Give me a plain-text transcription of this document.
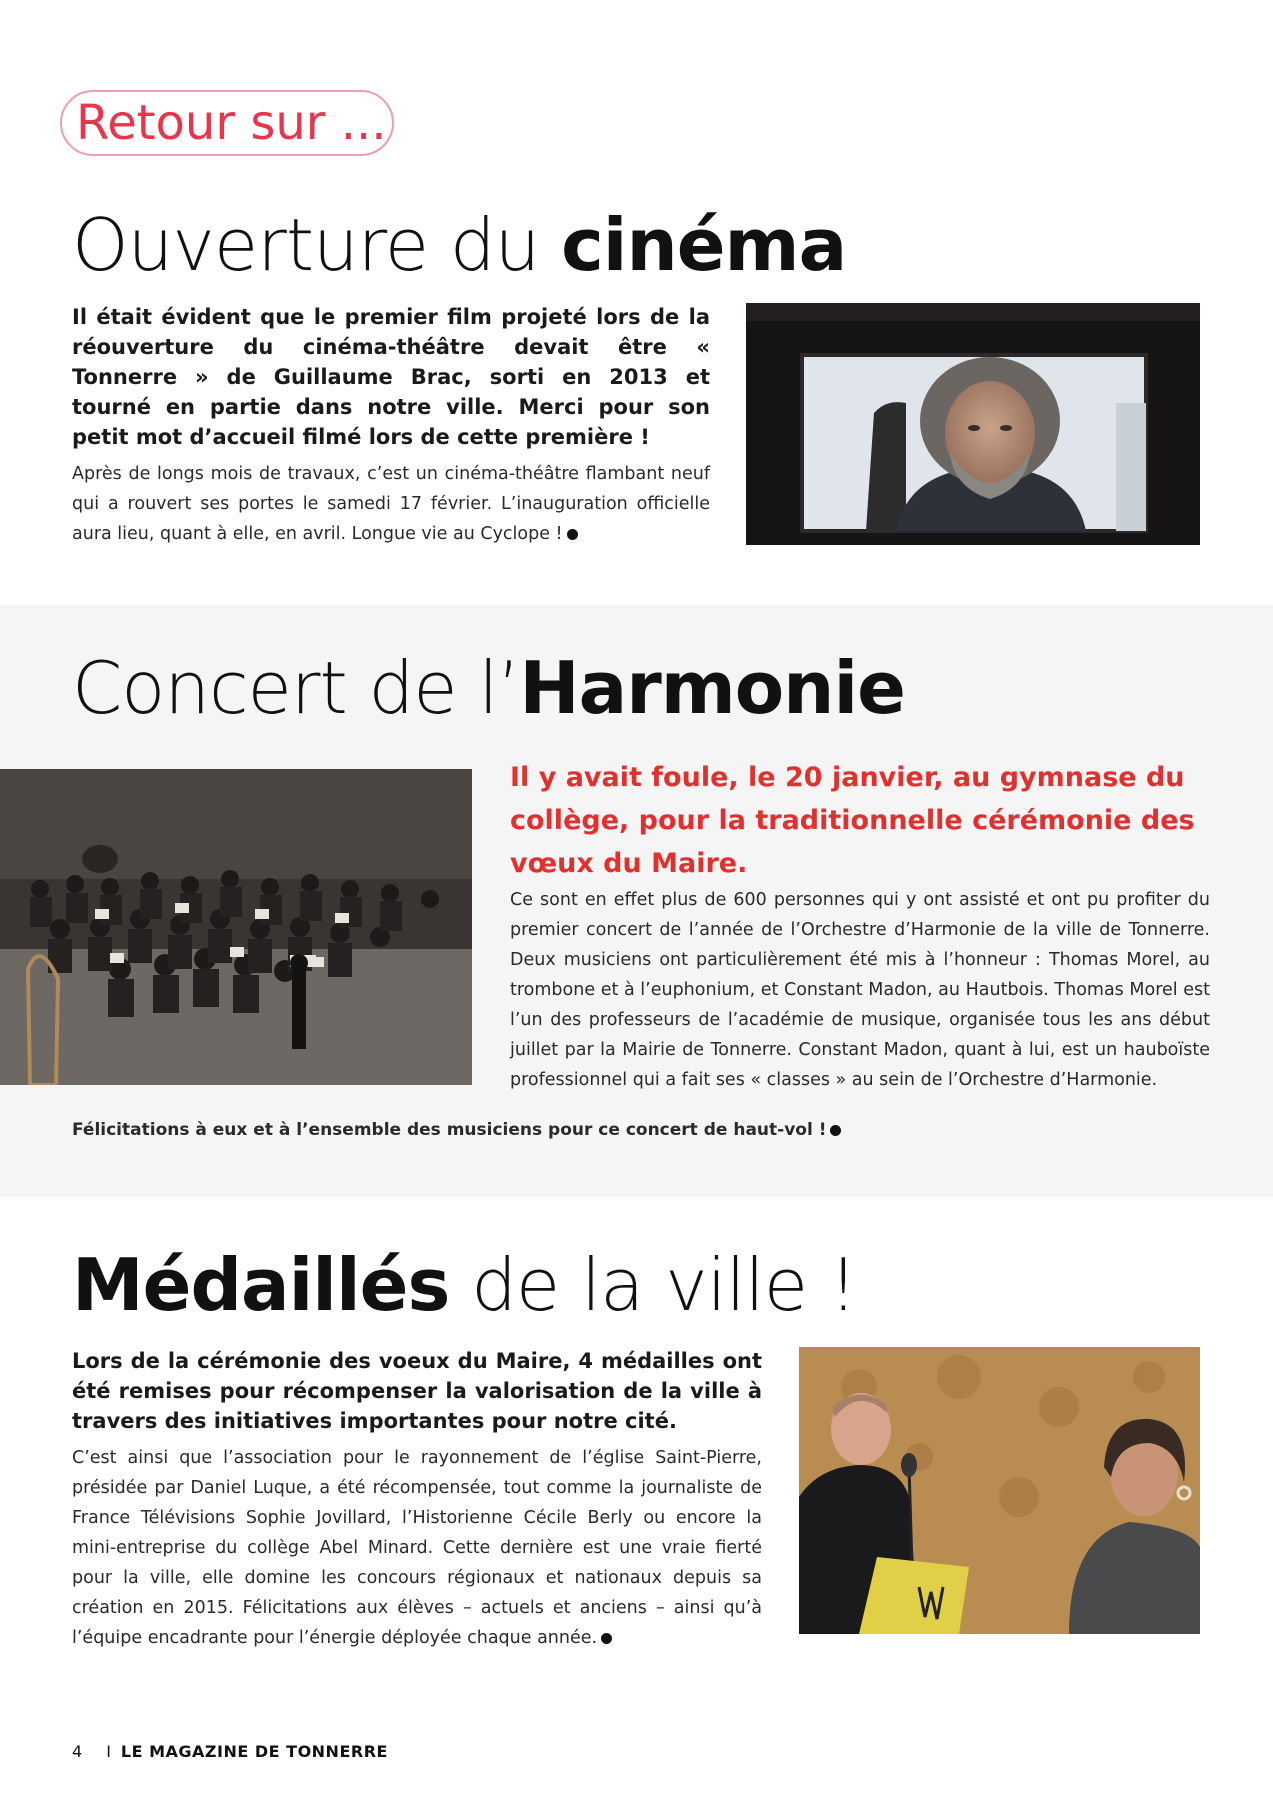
Retour sur ...
Ouverture du cinéma
Il était évident que le premier film projeté lors de la réouverture du cinéma-théâtre devait être « Tonnerre » de Guillaume Brac, sorti en 2013 et tourné en partie dans notre ville. Merci pour son petit mot d’accueil filmé lors de cette première !
Après de longs mois de travaux, c’est un cinéma-théâtre flambant neuf qui a rouvert ses portes le samedi 17 février. L’inauguration officielle aura lieu, quant à elle, en avril. Longue vie au Cyclope !
Concert de l’Harmonie
Il y avait foule, le 20 janvier, au gymnase du collège, pour la traditionnelle cérémonie des vœux du Maire.
Ce sont en effet plus de 600 personnes qui y ont assisté et ont pu profiter du premier concert de l’année de l’Orchestre d’Harmonie de la ville de Tonnerre. Deux musiciens ont particulièrement été mis à l’honneur : Thomas Morel, au trombone et à l’euphonium, et Constant Madon, au Hautbois. Thomas Morel est l’un des professeurs de l’académie de musique, organisée tous les ans début juillet par la Mairie de Tonnerre. Constant Madon, quant à lui, est un hauboïste professionnel qui a fait ses « classes » au sein de l’Orchestre d’Harmonie.
Félicitations à eux et à l’ensemble des musiciens pour ce concert de haut-vol !
Médaillés de la ville !
Lors de la cérémonie des voeux du Maire, 4 médailles ont été remises pour récompenser la valorisation de la ville à travers des initiatives importantes pour notre cité.
C’est ainsi que l’association pour le rayonnement de l’église Saint-Pierre, présidée par Daniel Luque, a été récompensée, tout comme la journaliste de France Télévisions Sophie Jovillard, l’Historienne Cécile Berly ou encore la mini-entreprise du collège Abel Minard. Cette dernière est une vraie fierté pour la ville, elle domine les concours régionaux et nationaux depuis sa création en 2015. Félicitations aux élèves – actuels et anciens – ainsi qu’à l’équipe encadrante pour l’énergie déployée chaque année.
4 I LE MAGAZINE DE TONNERRE
